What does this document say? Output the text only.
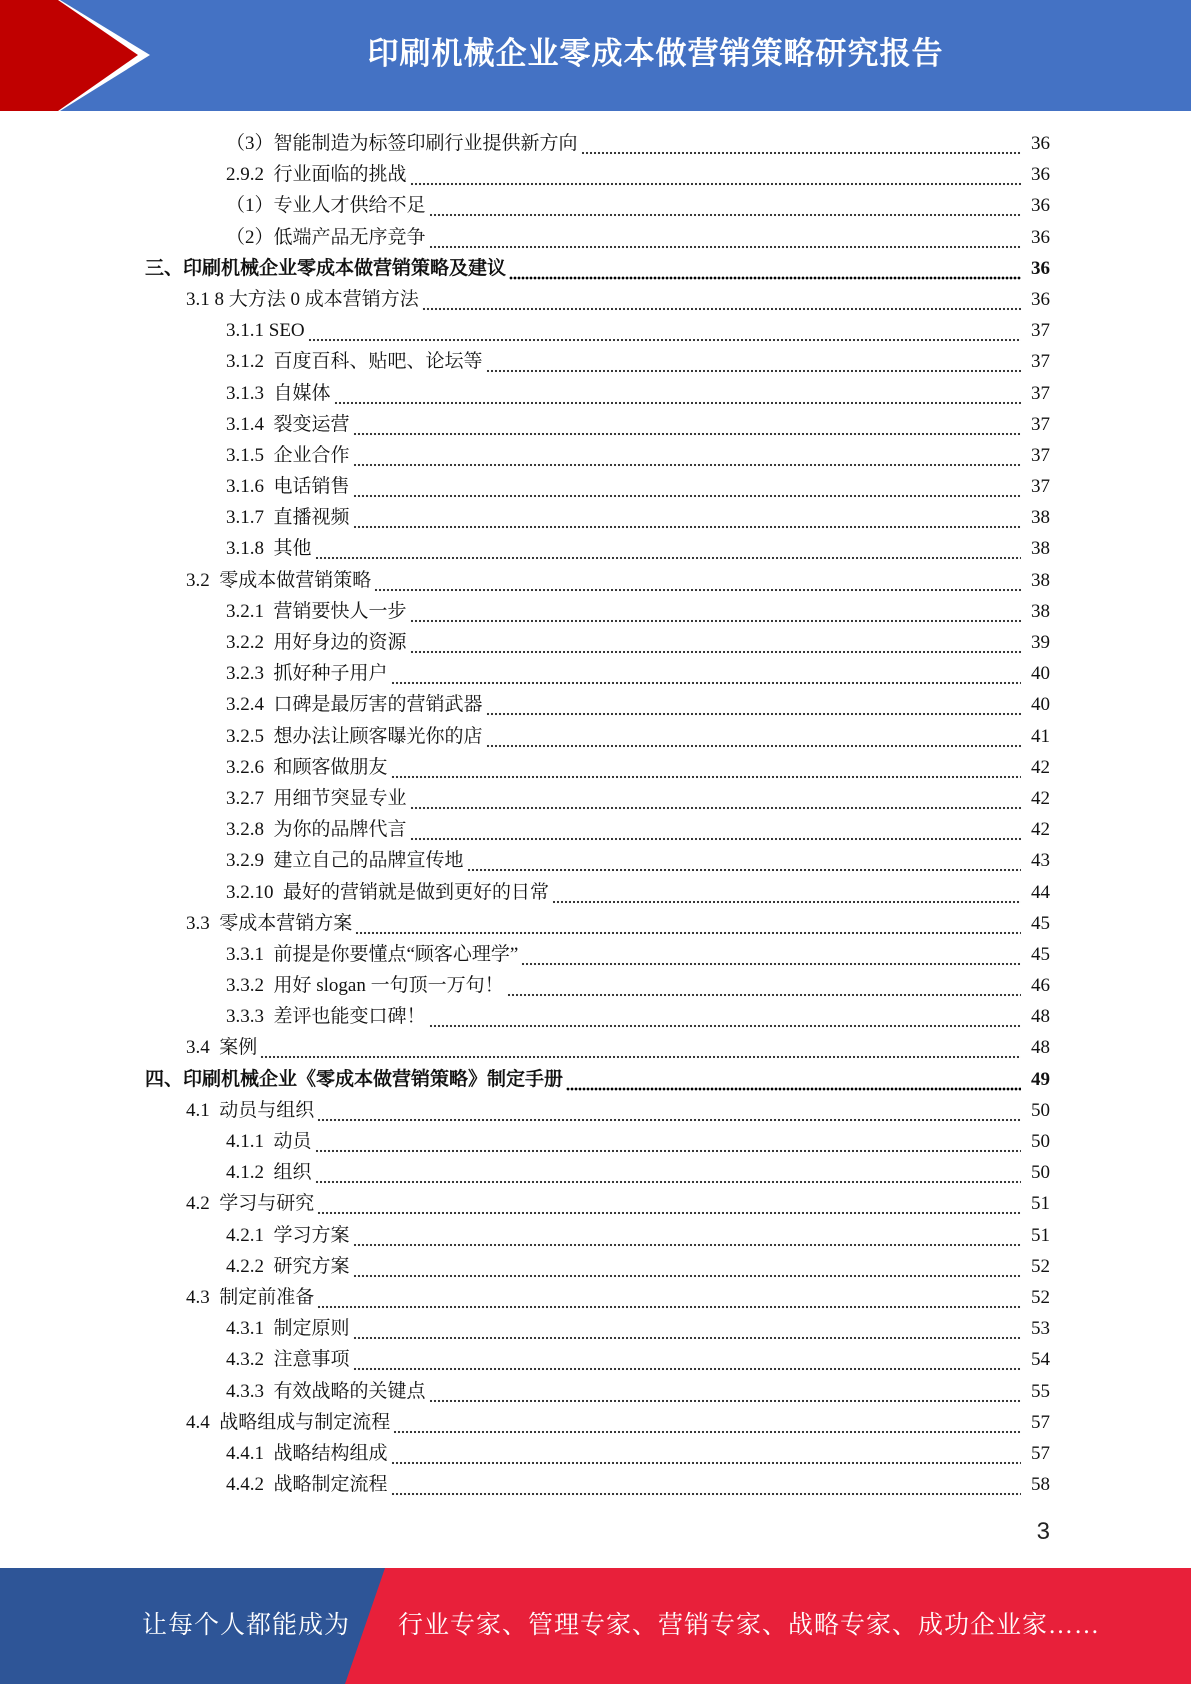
印刷机械企业零成本做营销策略研究报告
（3）智能制造为标签印刷行业提供新方向	36
2.9.2  行业面临的挑战	36
（1）专业人才供给不足	36
（2）低端产品无序竞争	36
三、印刷机械企业零成本做营销策略及建议	36
3.1 8 大方法 0 成本营销方法	36
3.1.1 SEO	37
3.1.2  百度百科、贴吧、论坛等	37
3.1.3  自媒体	37
3.1.4  裂变运营	37
3.1.5  企业合作	37
3.1.6  电话销售	37
3.1.7  直播视频	38
3.1.8  其他	38
3.2  零成本做营销策略	38
3.2.1  营销要快人一步	38
3.2.2  用好身边的资源	39
3.2.3  抓好种子用户	40
3.2.4  口碑是最厉害的营销武器	40
3.2.5  想办法让顾客曝光你的店	41
3.2.6  和顾客做朋友	42
3.2.7  用细节突显专业	42
3.2.8  为你的品牌代言	42
3.2.9  建立自己的品牌宣传地	43
3.2.10  最好的营销就是做到更好的日常	44
3.3  零成本营销方案	45
3.3.1  前提是你要懂点“顾客心理学”	45
3.3.2  用好 slogan 一句顶一万句！	46
3.3.3  差评也能变口碑！	48
3.4  案例	48
四、印刷机械企业《零成本做营销策略》制定手册	49
4.1  动员与组织	50
4.1.1  动员	50
4.1.2  组织	50
4.2  学习与研究	51
4.2.1  学习方案	51
4.2.2  研究方案	52
4.3  制定前准备	52
4.3.1  制定原则	53
4.3.2  注意事项	54
4.3.3  有效战略的关键点	55
4.4  战略组成与制定流程	57
4.4.1  战略结构组成	57
4.4.2  战略制定流程	58
3
让每个人都能成为 行业专家、管理专家、营销专家、战略专家、成功企业家……
